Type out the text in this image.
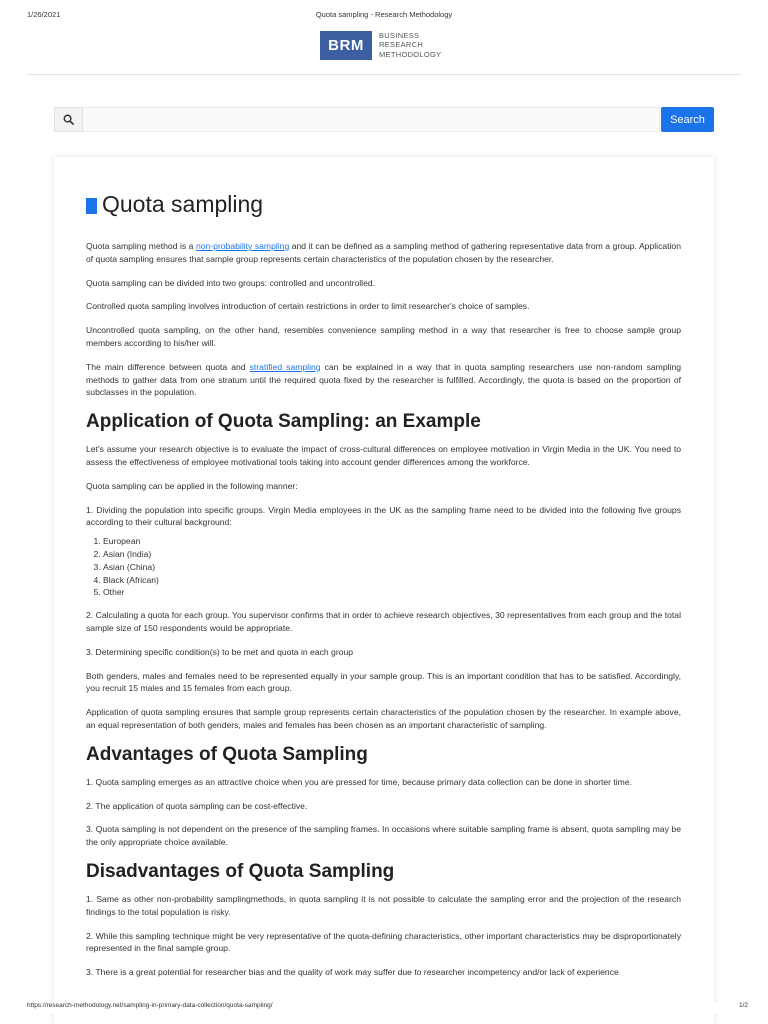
1/26/2021	Quota sampling - Research Methodology
BRM
BUSINESS
RESEARCH
METHODOLOGY
Search
Quota sampling

Quota sampling method is a non-probability sampling and it can be defined as a sampling method of gathering representative data from a group. Application of quota sampling ensures that sample group represents certain characteristics of the population chosen by the researcher.

Quota sampling can be divided into two groups: controlled and uncontrolled.

Controlled quota sampling involves introduction of certain restrictions in order to limit researcher's choice of samples.

Uncontrolled quota sampling, on the other hand, resembles convenience sampling method in a way that researcher is free to choose sample group members according to his/her will.

The main difference between quota and stratified sampling can be explained in a way that in quota sampling researchers use non-random sampling methods to gather data from one stratum until the required quota fixed by the researcher is fulfilled. Accordingly, the quota is based on the proportion of subclasses in the population.

Application of Quota Sampling: an Example

Let's assume your research objective is to evaluate the impact of cross-cultural differences on employee motivation in Virgin Media in the UK. You need to assess the effectiveness of employee motivational tools taking into account gender differences among the workforce.

Quota sampling can be applied in the following manner:

1. Dividing the population into specific groups. Virgin Media employees in the UK as the sampling frame need to be divided into the following five groups according to their cultural background:

1. European
2. Asian (India)
3. Asian (China)
4. Black (African)
5. Other

2. Calculating a quota for each group. You supervisor confirms that in order to achieve research objectives, 30 representatives from each group and the total sample size of 150 respondents would be appropriate.

3. Determining specific condition(s) to be met and quota in each group

Both genders, males and females need to be represented equally in your sample group. This is an important condition that has to be satisfied. Accordingly, you recruit 15 males and 15 females from each group.

Application of quota sampling ensures that sample group represents certain characteristics of the population chosen by the researcher. In example above, an equal representation of both genders, males and females has been chosen as an important characteristic of sampling.

Advantages of Quota Sampling

1. Quota sampling emerges as an attractive choice when you are pressed for time, because primary data collection can be done in shorter time.

2. The application of quota sampling can be cost-effective.

3. Quota sampling is not dependent on the presence of the sampling frames. In occasions where suitable sampling frame is absent, quota sampling may be the only appropriate choice available.

Disadvantages of Quota Sampling

1. Same as other non-probability samplingmethods, in quota sampling it is not possible to calculate the sampling error and the projection of the research findings to the total population is risky.

2. While this sampling technique might be very representative of the quota-defining characteristics, other important characteristics may be disproportionately represented in the final sample group.

3. There is a great potential for researcher bias and the quality of work may suffer due to researcher incompetency and/or lack of experience

https://research-methodology.net/sampling-in-primary-data-collection/quota-sampling/	1/2
